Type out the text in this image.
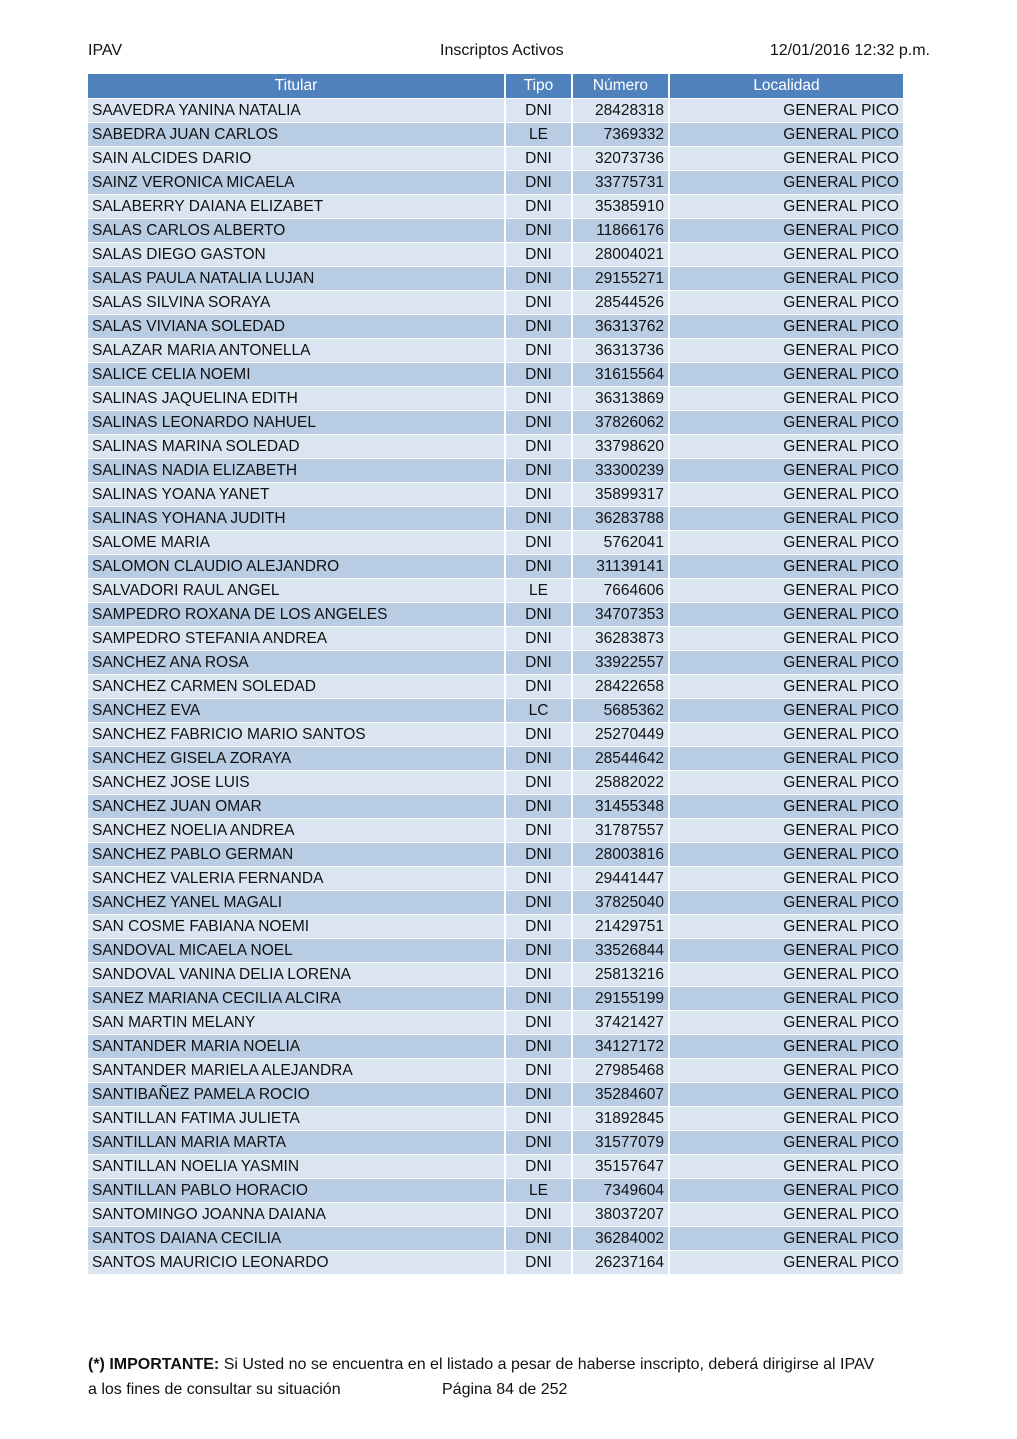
IPAV	Inscriptos Activos	12/01/2016 12:32 p.m.
Titular	Tipo	Número	Localidad
SAAVEDRA YANINA NATALIA	DNI	28428318	GENERAL PICO
SABEDRA JUAN CARLOS	LE	7369332	GENERAL PICO
SAIN ALCIDES DARIO	DNI	32073736	GENERAL PICO
SAINZ VERONICA MICAELA	DNI	33775731	GENERAL PICO
SALABERRY DAIANA ELIZABET	DNI	35385910	GENERAL PICO
SALAS CARLOS ALBERTO	DNI	11866176	GENERAL PICO
SALAS DIEGO GASTON	DNI	28004021	GENERAL PICO
SALAS PAULA NATALIA LUJAN	DNI	29155271	GENERAL PICO
SALAS SILVINA SORAYA	DNI	28544526	GENERAL PICO
SALAS VIVIANA SOLEDAD	DNI	36313762	GENERAL PICO
SALAZAR MARIA ANTONELLA	DNI	36313736	GENERAL PICO
SALICE CELIA NOEMI	DNI	31615564	GENERAL PICO
SALINAS JAQUELINA EDITH	DNI	36313869	GENERAL PICO
SALINAS LEONARDO NAHUEL	DNI	37826062	GENERAL PICO
SALINAS MARINA SOLEDAD	DNI	33798620	GENERAL PICO
SALINAS NADIA ELIZABETH	DNI	33300239	GENERAL PICO
SALINAS YOANA YANET	DNI	35899317	GENERAL PICO
SALINAS YOHANA JUDITH	DNI	36283788	GENERAL PICO
SALOME MARIA	DNI	5762041	GENERAL PICO
SALOMON CLAUDIO ALEJANDRO	DNI	31139141	GENERAL PICO
SALVADORI RAUL ANGEL	LE	7664606	GENERAL PICO
SAMPEDRO ROXANA DE LOS ANGELES	DNI	34707353	GENERAL PICO
SAMPEDRO STEFANIA ANDREA	DNI	36283873	GENERAL PICO
SANCHEZ ANA ROSA	DNI	33922557	GENERAL PICO
SANCHEZ CARMEN SOLEDAD	DNI	28422658	GENERAL PICO
SANCHEZ EVA	LC	5685362	GENERAL PICO
SANCHEZ FABRICIO MARIO SANTOS	DNI	25270449	GENERAL PICO
SANCHEZ GISELA ZORAYA	DNI	28544642	GENERAL PICO
SANCHEZ JOSE LUIS	DNI	25882022	GENERAL PICO
SANCHEZ JUAN OMAR	DNI	31455348	GENERAL PICO
SANCHEZ NOELIA ANDREA	DNI	31787557	GENERAL PICO
SANCHEZ PABLO GERMAN	DNI	28003816	GENERAL PICO
SANCHEZ VALERIA FERNANDA	DNI	29441447	GENERAL PICO
SANCHEZ YANEL MAGALI	DNI	37825040	GENERAL PICO
SAN COSME FABIANA NOEMI	DNI	21429751	GENERAL PICO
SANDOVAL MICAELA NOEL	DNI	33526844	GENERAL PICO
SANDOVAL VANINA DELIA LORENA	DNI	25813216	GENERAL PICO
SANEZ MARIANA CECILIA ALCIRA	DNI	29155199	GENERAL PICO
SAN MARTIN MELANY	DNI	37421427	GENERAL PICO
SANTANDER MARIA NOELIA	DNI	34127172	GENERAL PICO
SANTANDER MARIELA ALEJANDRA	DNI	27985468	GENERAL PICO
SANTIBAÑEZ PAMELA ROCIO	DNI	35284607	GENERAL PICO
SANTILLAN FATIMA JULIETA	DNI	31892845	GENERAL PICO
SANTILLAN MARIA MARTA	DNI	31577079	GENERAL PICO
SANTILLAN NOELIA YASMIN	DNI	35157647	GENERAL PICO
SANTILLAN PABLO HORACIO	LE	7349604	GENERAL PICO
SANTOMINGO JOANNA DAIANA	DNI	38037207	GENERAL PICO
SANTOS DAIANA CECILIA	DNI	36284002	GENERAL PICO
SANTOS MAURICIO LEONARDO	DNI	26237164	GENERAL PICO
(*) IMPORTANTE: Si Usted no se encuentra en el listado a pesar de haberse inscripto, deberá dirigirse al IPAV
a los fines de consultar su situación	Página 84 de 252
